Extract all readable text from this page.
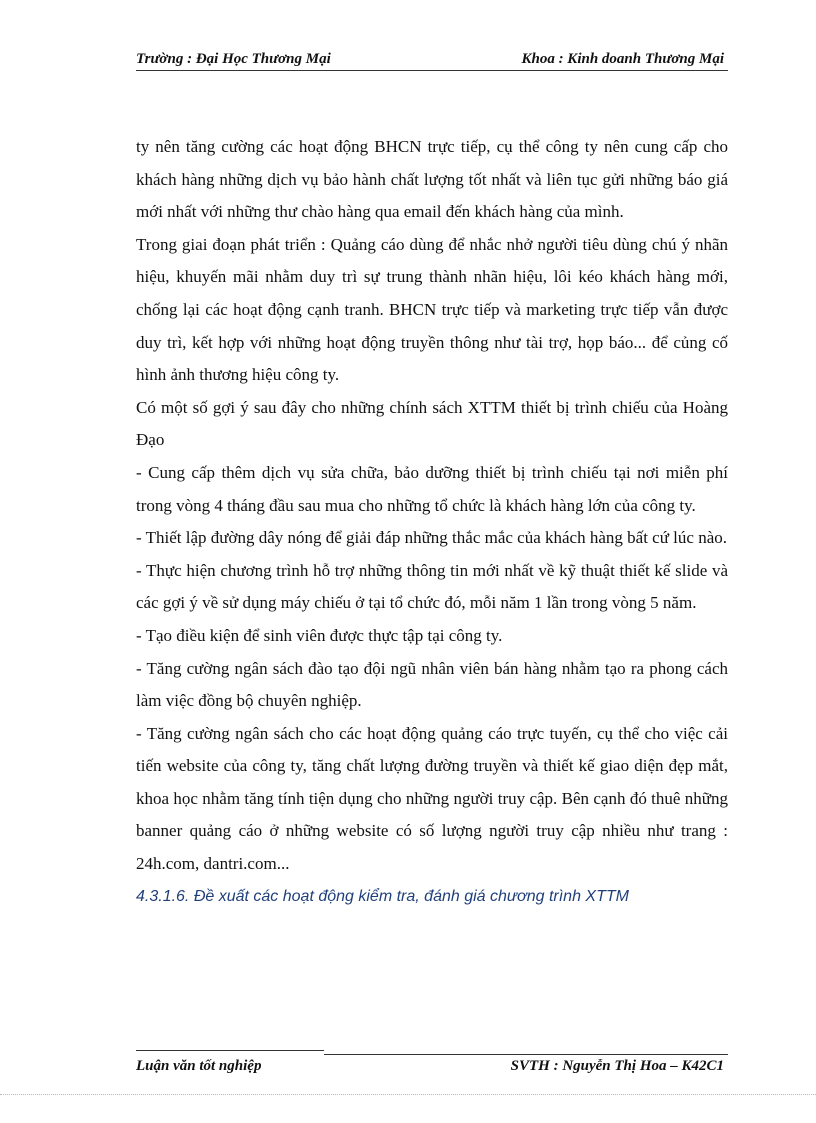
Trường : Đại Học Thương Mại	Khoa : Kinh doanh Thương Mại

ty nên tăng cường các hoạt động BHCN trực tiếp, cụ thể công ty nên cung cấp cho khách hàng những dịch vụ bảo hành chất lượng tốt nhất và liên tục gửi những báo giá mới nhất với những thư chào hàng qua email đến khách hàng của mình.

Trong giai đoạn phát triển : Quảng cáo dùng để nhắc nhở người tiêu dùng chú ý nhãn hiệu, khuyến mãi nhằm duy trì sự trung thành nhãn hiệu, lôi kéo khách hàng mới, chống lại các hoạt động cạnh tranh. BHCN trực tiếp và marketing trực tiếp vẫn được duy trì, kết hợp với những hoạt động truyền thông như tài trợ, họp báo... để củng cố hình ảnh thương hiệu công ty.

Có một số gợi ý sau đây cho những chính sách XTTM thiết bị trình chiếu của Hoàng Đạo

- Cung cấp thêm dịch vụ sửa chữa, bảo dưỡng thiết bị trình chiếu tại nơi miễn phí trong vòng 4 tháng đầu sau mua cho những tổ chức là khách hàng lớn của công ty.

- Thiết lập đường dây nóng để giải đáp những thắc mắc của khách hàng bất cứ lúc nào.

- Thực hiện chương trình hỗ trợ những thông tin mới nhất về kỹ thuật thiết kế slide và các gợi ý về sử dụng máy chiếu ở tại tổ chức đó, mỗi năm 1 lần trong vòng 5 năm.

- Tạo điều kiện để sinh viên được thực tập tại công ty.

- Tăng cường ngân sách đào tạo đội ngũ nhân viên bán hàng nhằm tạo ra phong cách làm việc đồng bộ chuyên nghiệp.

- Tăng cường ngân sách cho các hoạt động quảng cáo trực tuyến, cụ thể cho việc cải tiến website của công ty, tăng chất lượng đường truyền và thiết kế giao diện đẹp mắt, khoa học nhằm tăng tính tiện dụng cho những người truy cập. Bên cạnh đó thuê những banner quảng cáo ở những website có số lượng người truy cập nhiều như trang : 24h.com, dantri.com...

4.3.1.6. Đề xuất các hoạt động kiểm tra, đánh giá chương trình XTTM

Luận văn tốt nghiệp	SVTH : Nguyễn Thị Hoa – K42C1
